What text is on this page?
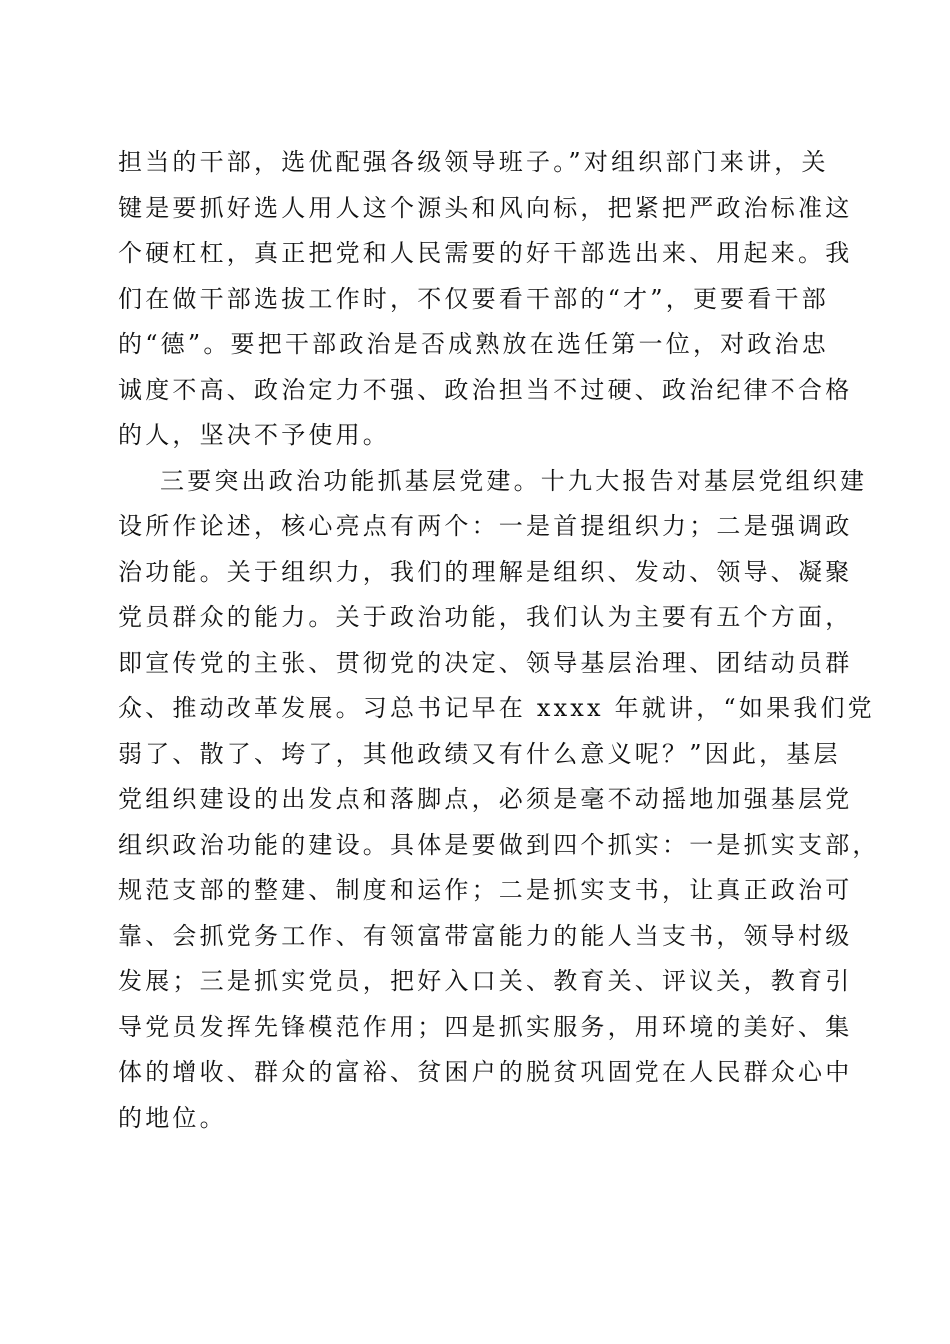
担当的干部，选优配强各级领导班子。”对组织部门来讲，关
键是要抓好选人用人这个源头和风向标，把紧把严政治标准这
个硬杠杠，真正把党和人民需要的好干部选出来、用起来。我
们在做干部选拔工作时，不仅要看干部的“才”，更要看干部
的“德”。要把干部政治是否成熟放在选任第一位，对政治忠
诚度不高、政治定力不强、政治担当不过硬、政治纪律不合格
的人，坚决不予使用。
三要突出政治功能抓基层党建。十九大报告对基层党组织建
设所作论述，核心亮点有两个：一是首提组织力；二是强调政
治功能。关于组织力，我们的理解是组织、发动、领导、凝聚
党员群众的能力。关于政治功能，我们认为主要有五个方面，
即宣传党的主张、贯彻党的决定、领导基层治理、团结动员群
众、推动改革发展。习总书记早在 xxxx 年就讲，“如果我们党
弱了、散了、垮了，其他政绩又有什么意义呢？”因此，基层
党组织建设的出发点和落脚点，必须是毫不动摇地加强基层党
组织政治功能的建设。具体是要做到四个抓实：一是抓实支部，
规范支部的整建、制度和运作；二是抓实支书，让真正政治可
靠、会抓党务工作、有领富带富能力的能人当支书，领导村级
发展；三是抓实党员，把好入口关、教育关、评议关，教育引
导党员发挥先锋模范作用；四是抓实服务，用环境的美好、集
体的增收、群众的富裕、贫困户的脱贫巩固党在人民群众心中
的地位。
